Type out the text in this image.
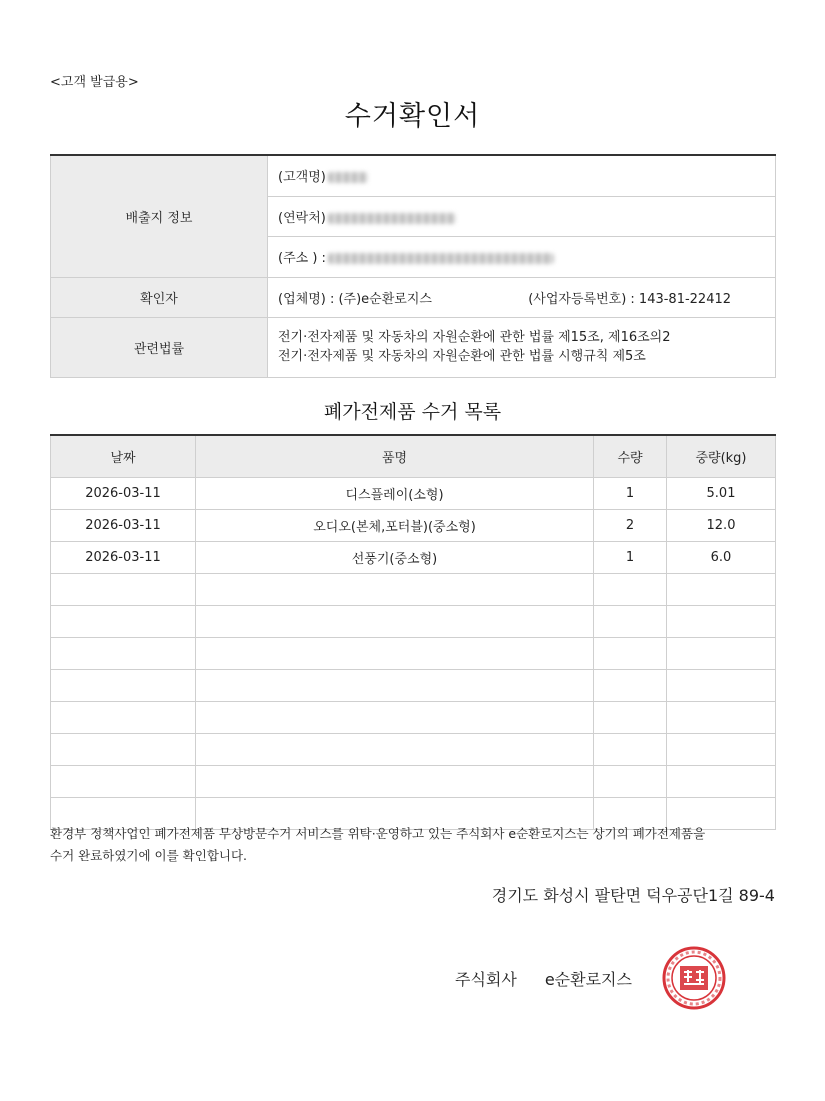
<고객 발급용>
수거확인서
배출지 정보	(고객명)
	(연락처)
	(주소 ) :
확인자	(업체명) : (주)e순환로지스 (사업자등록번호) : 143-81-22412
관련법률	전기·전자제품 및 자동차의 자원순환에 관한 법률 제15조, 제16조의2
전기·전자제품 및 자동차의 자원순환에 관한 법률 시행규칙 제5조
폐가전제품 수거 목록
날짜	품명	수량	중량(kg)
2026-03-11	디스플레이(소형)	1	5.01
2026-03-11	오디오(본체,포터블)(중소형)	2	12.0
2026-03-11	선풍기(중소형)	1	6.0

환경부 정책사업인 폐가전제품 무상방문수거 서비스를 위탁·운영하고 있는 주식회사 e순환로지스는 상기의 폐가전제품을
수거 완료하였기에 이를 확인합니다.
경기도 화성시 팔탄면 덕우공단1길 89-4
주식회사 e순환로지스
